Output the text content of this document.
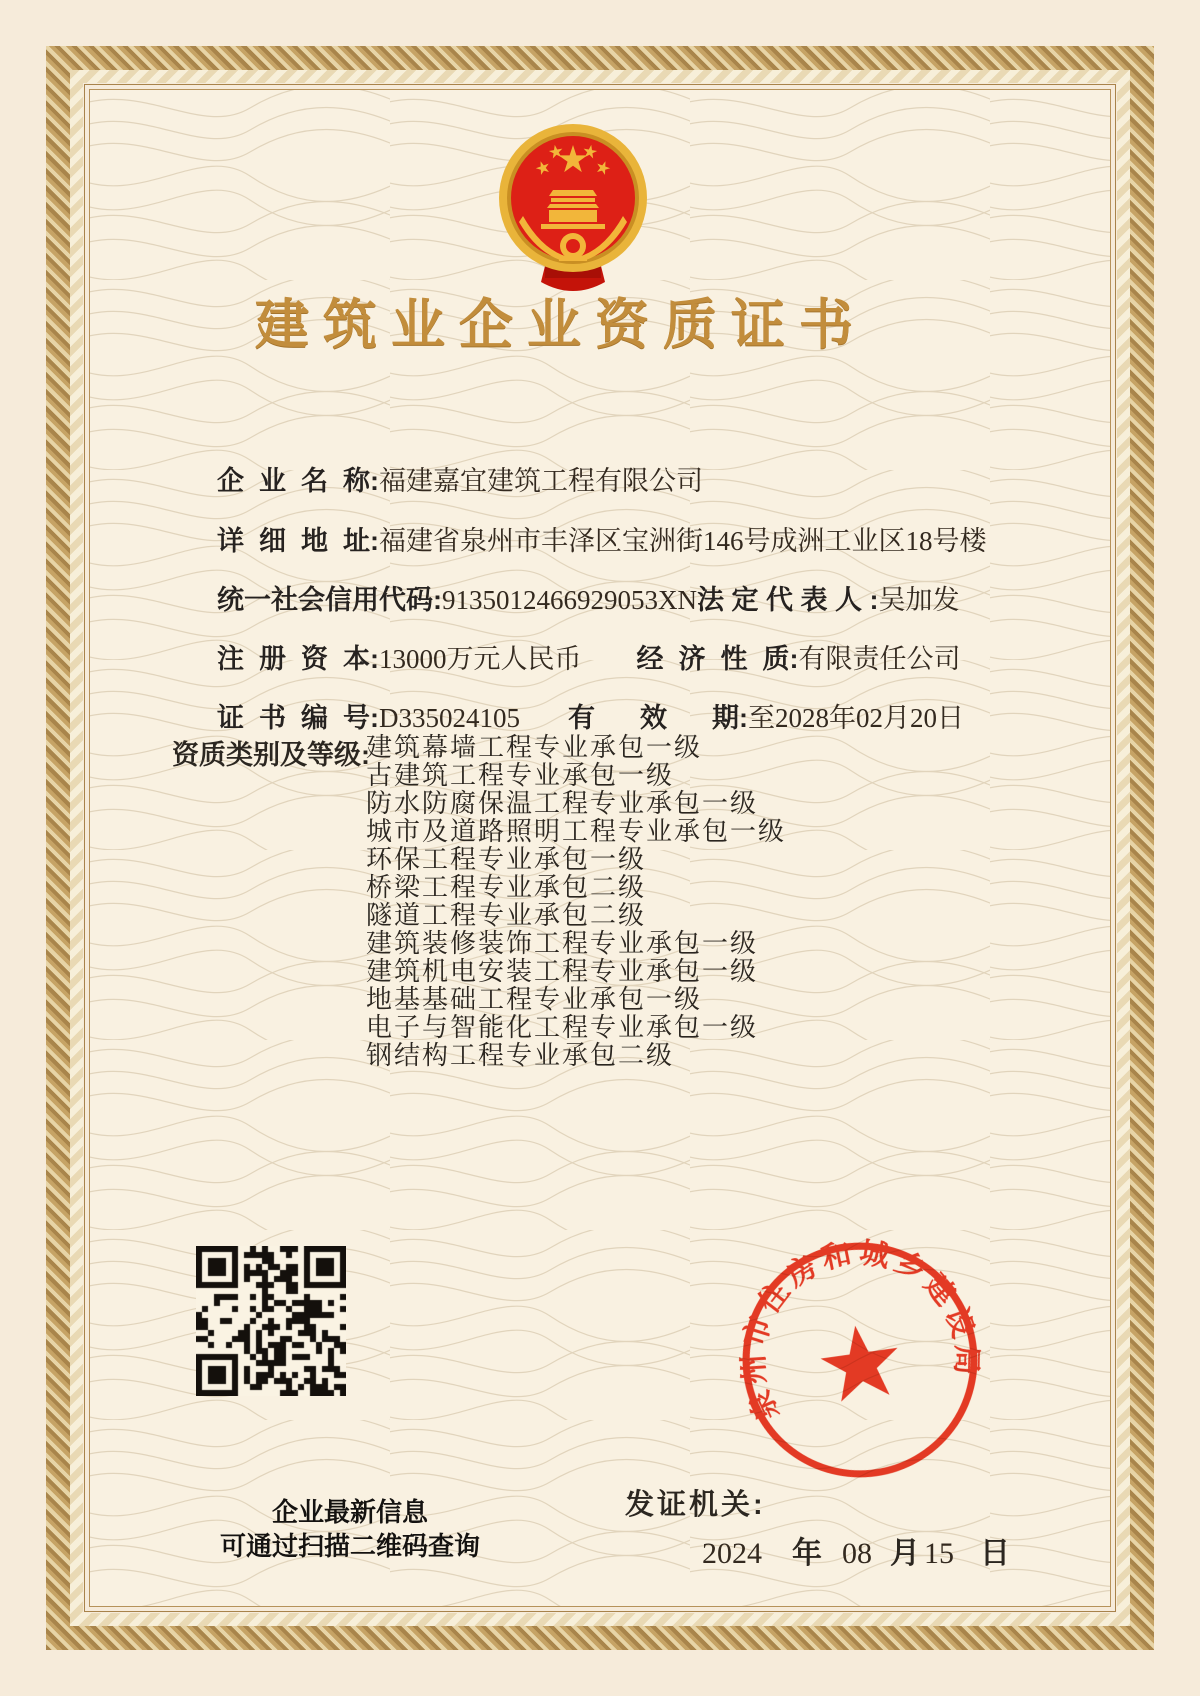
建筑业企业资质证书

企  业  名  称:福建嘉宜建筑工程有限公司

详  细  地  址:福建省泉州市丰泽区宝洲街146号成洲工业区18号楼

统一社会信用代码:9135012466929053XN法 定 代 表 人 :吴加发

注  册  资  本:13000万元人民币 经  济  性  质:有限责任公司

证  书  编  号:D335024105 有      效      期:至2028年02月20日

资质类别及等级:
建筑幕墙工程专业承包一级
古建筑工程专业承包一级
防水防腐保温工程专业承包一级
城市及道路照明工程专业承包一级
环保工程专业承包一级
桥梁工程专业承包二级
隧道工程专业承包二级
建筑装修装饰工程专业承包一级
建筑机电安装工程专业承包一级
地基基础工程专业承包一级
电子与智能化工程专业承包一级
钢结构工程专业承包二级
企业最新信息
可通过扫描二维码查询
发证机关:
2024 年 08 月 15 日
泉州市住房和城乡建设局
